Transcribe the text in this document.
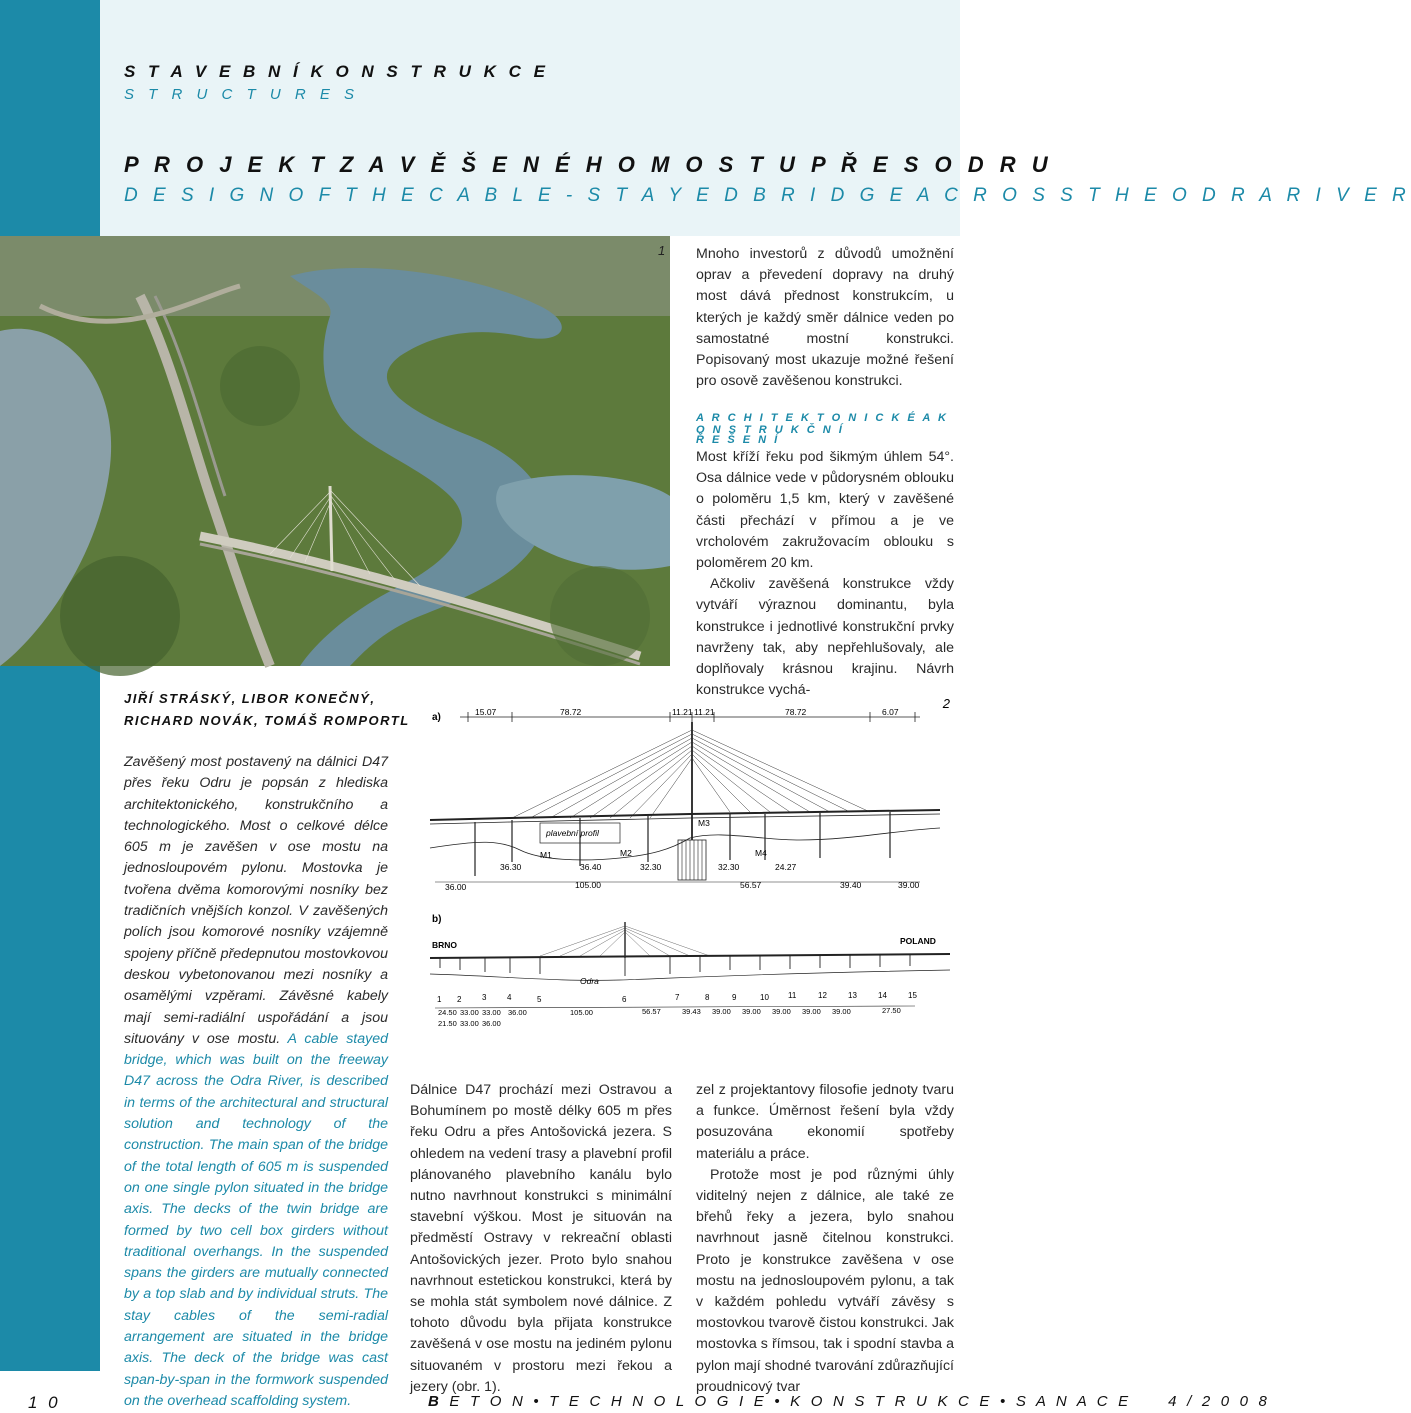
S T A V E B N Í K O N S T R U K C E
S T R U C T U R E S
P R O J E K T Z A V Ě Š E N É H O M O S T U P Ř E S O D R U
D E S I G N O F T H E C A B L E - S T A Y E D B R I D G E A C R O S S T H E O D R A R I V E R
1 Mnoho investorů z důvodů umožnění oprav a převedení dopravy na druhý most dává přednost konstrukcím, u kterých je každý směr dálnice veden po samostatné mostní konstrukci. Popisovaný most ukazuje možné řešení pro osově zavěšenou konstrukci.
A R C H I T E K T O N I C K É A K O N S T R U K Č N Í
Ř E Š E N Í

Most kříží řeku pod šikmým úhlem 54°. Osa dálnice vede v půdorysném oblouku o poloměru 1,5 km, který v zavěšené části přechází v přímou a je ve vrcholovém zakružovacím oblouku s poloměrem 20 km.

Ačkoliv zavěšená konstrukce vždy vytváří výraznou dominantu, byla konstrukce i jednotlivé konstrukční prvky navrženy tak, aby nepřehlušovaly, ale doplňovaly krásnou krajinu. Návrh konstrukce vychá-

JIŘÍ STRÁSKÝ, LIBOR KONEČNÝ,
RICHARD NOVÁK, TOMÁŠ ROMPORTL
Zavěšený most postavený na dálnici D47 přes řeku Odru je popsán z hlediska architektonického, konstrukčního a technologického. Most o celkové délce 605 m je zavěšen v ose mostu na jednosloupovém pylonu. Mostovka je tvořena dvěma komorovými nosníky bez tradičních vnějších konzol. V zavěšených polích jsou komorové nosníky vzájemně spojeny příčně předepnutou mostovkovou deskou vybetonovanou mezi nosníky a osamělými vzpěrami. Závěsné kabely mají semi-radiální uspořádání a jsou situovány v ose mostu. A cable stayed bridge, which was built on the freeway D47 across the Odra River, is described in terms of the architectural and structural solution and technology of the construction. The main span of the bridge of the total length of 605 m is suspended on one single pylon situated in the bridge axis. The decks of the twin bridge are formed by two cell box girders without traditional overhangs. In the suspended spans the girders are mutually connected by a top slab and by individual struts. The stay cables of the semi-radial arrangement are situated in the bridge axis. The deck of the bridge was cast span-by-span in the formwork suspended on the overhead scaffolding system.
2
a)
b)
15.07	78.72	11.21 11.21	78.72	6.07
plavební profil
M1	M2
M3
M4
36.30	36.40	32.30	32.30	24.27
36.00	105.00	56.57	39.40	39.00
BRNO	POLAND
Odra
1 2	3	4	5	6	7	8	9	10 11	12	13	14	15
24.50 33.00 33.00 36.00	105.00	56.57	39.43 39.00 39.00 39.00 39.00 39.00	27.50
21.50 33.00 36.00
Dálnice D47 prochází mezi Ostravou a Bohumínem po mostě délky 605 m přes řeku Odru a přes Antošovická jezera. S ohledem na vedení trasy a plavební profil plánovaného plavebního kanálu bylo nutno navrhnout konstrukci s minimální stavební výškou. Most je situován na předměstí Ostravy v rekreační oblasti Antošovických jezer. Proto bylo snahou navrhnout estetickou konstrukci, která by se mohla stát symbolem nové dálnice. Z tohoto důvodu byla přijata konstrukce zavěšená v ose mostu na jediném pylonu situovaném v prostoru mezi řekou a jezery (obr. 1).

zel z projektantovy filosofie jednoty tvaru a funkce. Úměrnost řešení byla vždy posuzována ekonomií spotřeby materiálu a práce.

Protože most je pod různými úhly viditelný nejen z dálnice, ale také ze břehů řeky a jezera, bylo snahou navrhnout jasně čitelnou konstrukci. Proto je konstrukce zavěšena v ose mostu na jednosloupovém pylonu, a tak v každém pohledu vytváří závěsy s mostovkou tvarově čistou konstrukci. Jak mostovka s římsou, tak i spodní stavba a pylon mají shodné tvarování zdůrazňující proudnicový tvar

1 0	B E T O N • T E C H N O L O G I E • K O N S T R U K C E • S A N A C E 4 / 2 0 0 8
